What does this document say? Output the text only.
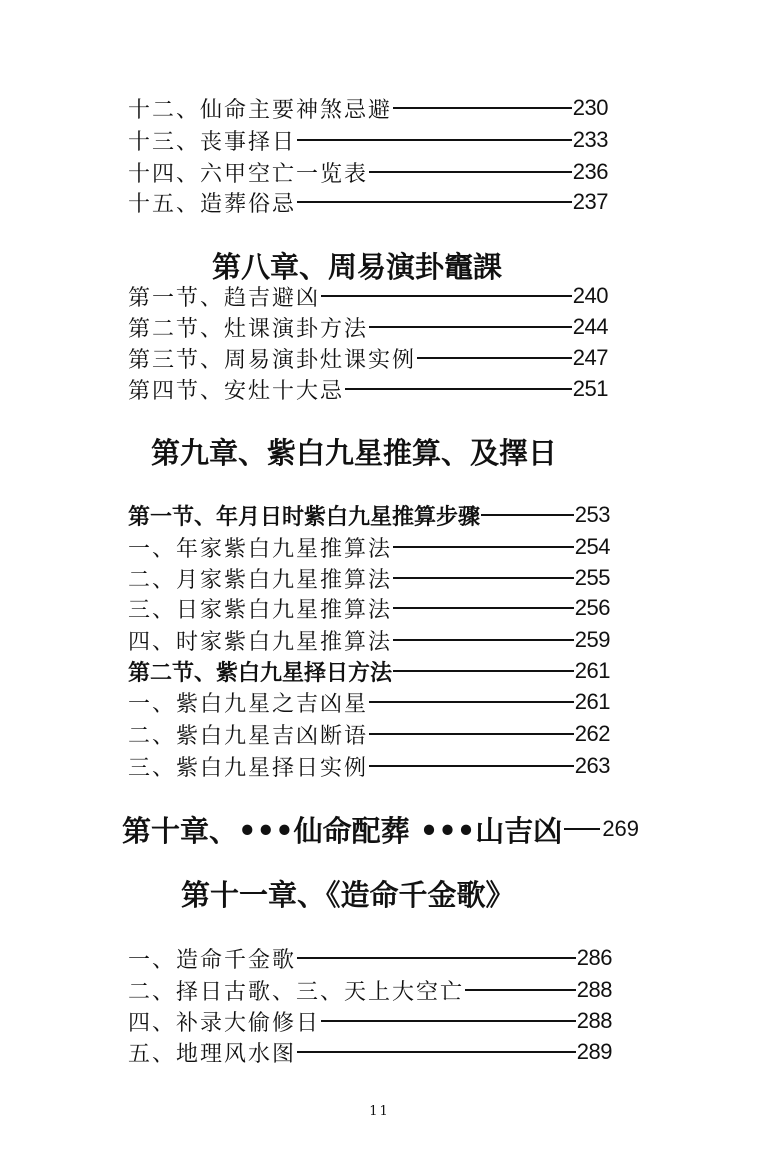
十二、仙命主要神煞忌避	230
十三、丧事择日	233
十四、六甲空亡一览表	236
十五、造葬俗忌	237
第八章、周易演卦竈課
第一节、趋吉避凶	240
第二节、灶课演卦方法	244
第三节、周易演卦灶课实例	247
第四节、安灶十大忌	251
第九章、紫白九星推算、及擇日
第一节、年月日时紫白九星推算步骤	253
一、年家紫白九星推算法	254
二、月家紫白九星推算法	255
三、日家紫白九星推算法	256
四、时家紫白九星推算法	259
第二节、紫白九星择日方法	261
一、紫白九星之吉凶星	261
二、紫白九星吉凶断语	262
三、紫白九星择日实例	263
第十章、•••仙命配葬 •••山吉凶 269
第十一章、《造命千金歌》
一、造命千金歌	286
二、择日古歌、三、天上大空亡	288
四、补录大偷修日	288
五、地理风水图	289
11
